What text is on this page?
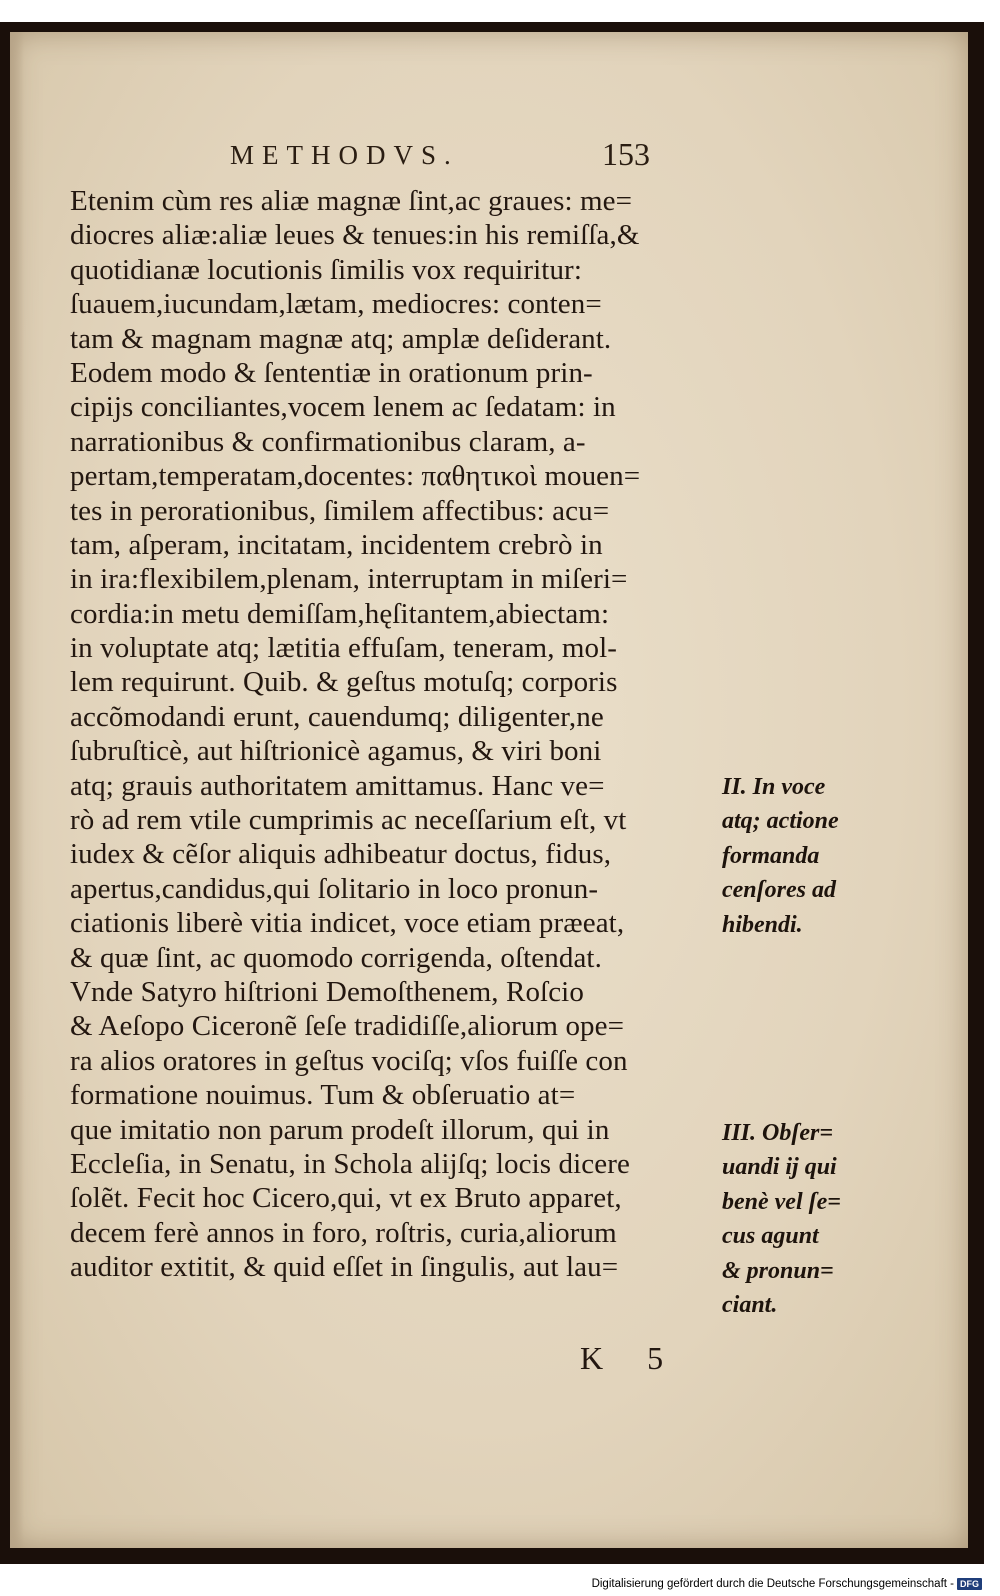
METHODVS.	153
Etenim cùm res aliæ magnæ ſint,ac graues: me=
diocres aliæ:aliæ leues & tenues:in his remiſſa,&
quotidianæ locutionis ſimilis vox requiritur:
ſuauem,iucundam,lætam, mediocres: conten=
tam & magnam magnæ atq; amplæ deſiderant.
Eodem modo & ſententiæ in orationum prin-
cipijs conciliantes,vocem lenem ac ſedatam: in
narrationibus & confirmationibus claram, a-
pertam,temperatam,docentes: παθητικοὶ mouen=
tes in perorationibus, ſimilem affectibus: acu=
tam, aſperam, incitatam, incidentem crebrò in
in ira:flexibilem,plenam, interruptam in miſeri=
cordia:in metu demiſſam,hęſitantem,abiectam:
in voluptate atq; lætitia effuſam, teneram, mol-
lem requirunt. Quib. & geſtus motuſq; corporis
accõmodandi erunt, cauendumq; diligenter,ne
ſubruſticè, aut hiſtrionicè agamus, & viri boni
atq; grauis authoritatem amittamus. Hanc ve=
rò ad rem vtile cumprimis ac neceſſarium eſt, vt
iudex & cẽſor aliquis adhibeatur doctus, fidus,
apertus,candidus,qui ſolitario in loco pronun-
ciationis liberè vitia indicet, voce etiam præeat,
& quæ ſint, ac quomodo corrigenda, oſtendat.
Vnde Satyro hiſtrioni Demoſthenem, Roſcio
& Aeſopo Ciceronẽ ſeſe tradidiſſe,aliorum ope=
ra alios oratores in geſtus vociſq; vſos fuiſſe con
formatione nouimus. Tum & obſeruatio at=
que imitatio non parum prodeſt illorum, qui in
Eccleſia, in Senatu, in Schola alijſq; locis dicere
ſolẽt. Fecit hoc Cicero,qui, vt ex Bruto apparet,
decem ferè annos in foro, roſtris, curia,aliorum
auditor extitit, & quid eſſet in ſingulis, aut lau=
II. In voce
atq; actione
formanda
cenſores ad
hibendi.
III. Obſer=
uandi ij qui
benè vel ſe=
cus agunt
& pronun=
ciant.
K 5
Digitalisierung gefördert durch die Deutsche Forschungsgemeinschaft - DFG
